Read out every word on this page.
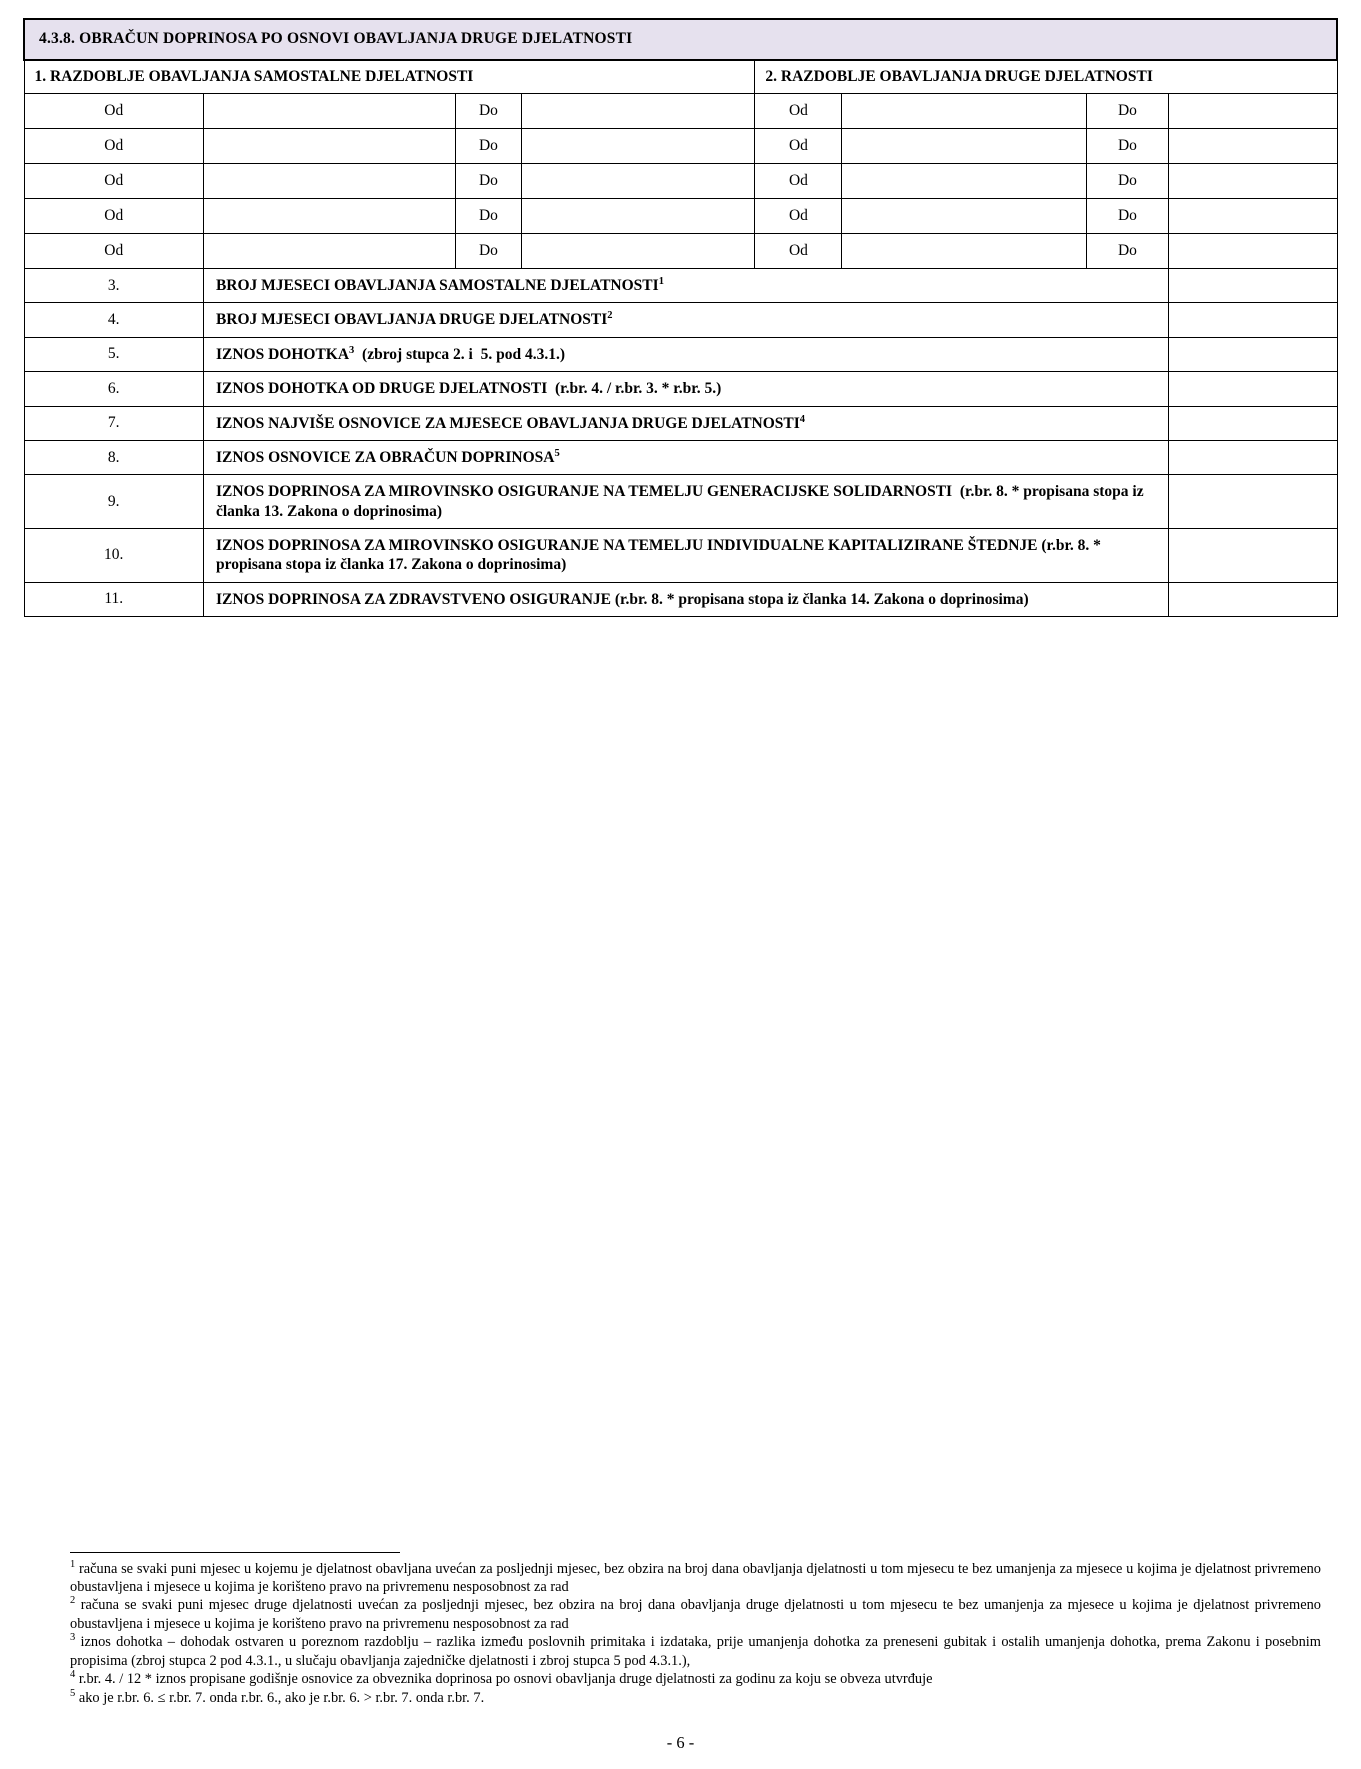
4.3.8. OBRAČUN DOPRINOSA PO OSNOVI OBAVLJANJA DRUGE DJELATNOSTI							
1. RAZDOBLJE OBAVLJANJA SAMOSTALNE DJELATNOSTI				2. RAZDOBLJE OBAVLJANJA DRUGE DJELATNOSTI			
Od		Do		Od		Do	
Od		Do		Od		Do	
Od		Do		Od		Do	
Od		Do		Od		Do	
Od		Do		Od		Do	
3.	BROJ MJESECI OBAVLJANJA SAMOSTALNE DJELATNOSTI$^1$	
4.	BROJ MJESECI OBAVLJANJA DRUGE DJELATNOSTI$^2$	
5.	IZNOS DOHOTKA$^3$  (zbroj stupca 2. i  5. pod 4.3.1.)						
6.	IZNOS DOHOTKA OD DRUGE DJELATNOSTI  (r.br. 4. / r.br. 3. * r.br. 5.)						
7.	IZNOS NAJVIŠE OSNOVICE ZA MJESECE OBAVLJANJA DRUGE DJELATNOSTI$^4$	
8.	IZNOS OSNOVICE ZA OBRAČUN DOPRINOSA$^5$	
9.	IZNOS DOPRINOSA ZA MIROVINSKO OSIGURANJE NA TEMELJU GENERACIJSKE SOLIDARNOSTI  (r.br. 8. * propisana stopa iz članka 13. Zakona o doprinosima)						
10.	IZNOS DOPRINOSA ZA MIROVINSKO OSIGURANJE NA TEMELJU INDIVIDUALNE KAPITALIZIRANE ŠTEDNJE (r.br. 8. * propisana stopa iz članka 17. Zakona o doprinosima)						
11.	IZNOS DOPRINOSA ZA ZDRAVSTVENO OSIGURANJE (r.br. 8. * propisana stopa iz članka 14. Zakona o doprinosima)						

$^1$ računa se svaki puni mjesec u kojemu je djelatnost obavljana uvećan za posljednji mjesec, bez obzira na broj dana obavljanja djelatnosti u tom mjesecu te bez umanjenja za mjesece u kojima je djelatnost privremeno obustavljena i mjesece u kojima je korišteno pravo na privremenu nesposobnost za rad

$^2$ računa se svaki puni mjesec druge djelatnosti uvećan za posljednji mjesec, bez obzira na broj dana obavljanja druge djelatnosti u tom mjesecu te bez umanjenja za mjesece u kojima je djelatnost privremeno obustavljena i mjesece u kojima je korišteno pravo na privremenu nesposobnost za rad

$^3$ iznos dohotka – dohodak ostvaren u poreznom razdoblju – razlika između poslovnih primitaka i izdataka, prije umanjenja dohotka za preneseni gubitak i ostalih umanjenja dohotka, prema Zakonu i posebnim propisima (zbroj stupca 2 pod 4.3.1., u slučaju obavljanja zajedničke djelatnosti i zbroj stupca 5 pod 4.3.1.),

$^4$ r.br. 4. / 12 * iznos propisane godišnje osnovice za obveznika doprinosa po osnovi obavljanja druge djelatnosti za godinu za koju se obveza utvrđuje

$^5$ ako je r.br. 6. ≤ r.br. 7. onda r.br. 6., ako je r.br. 6. > r.br. 7. onda r.br. 7.

- 6 -
